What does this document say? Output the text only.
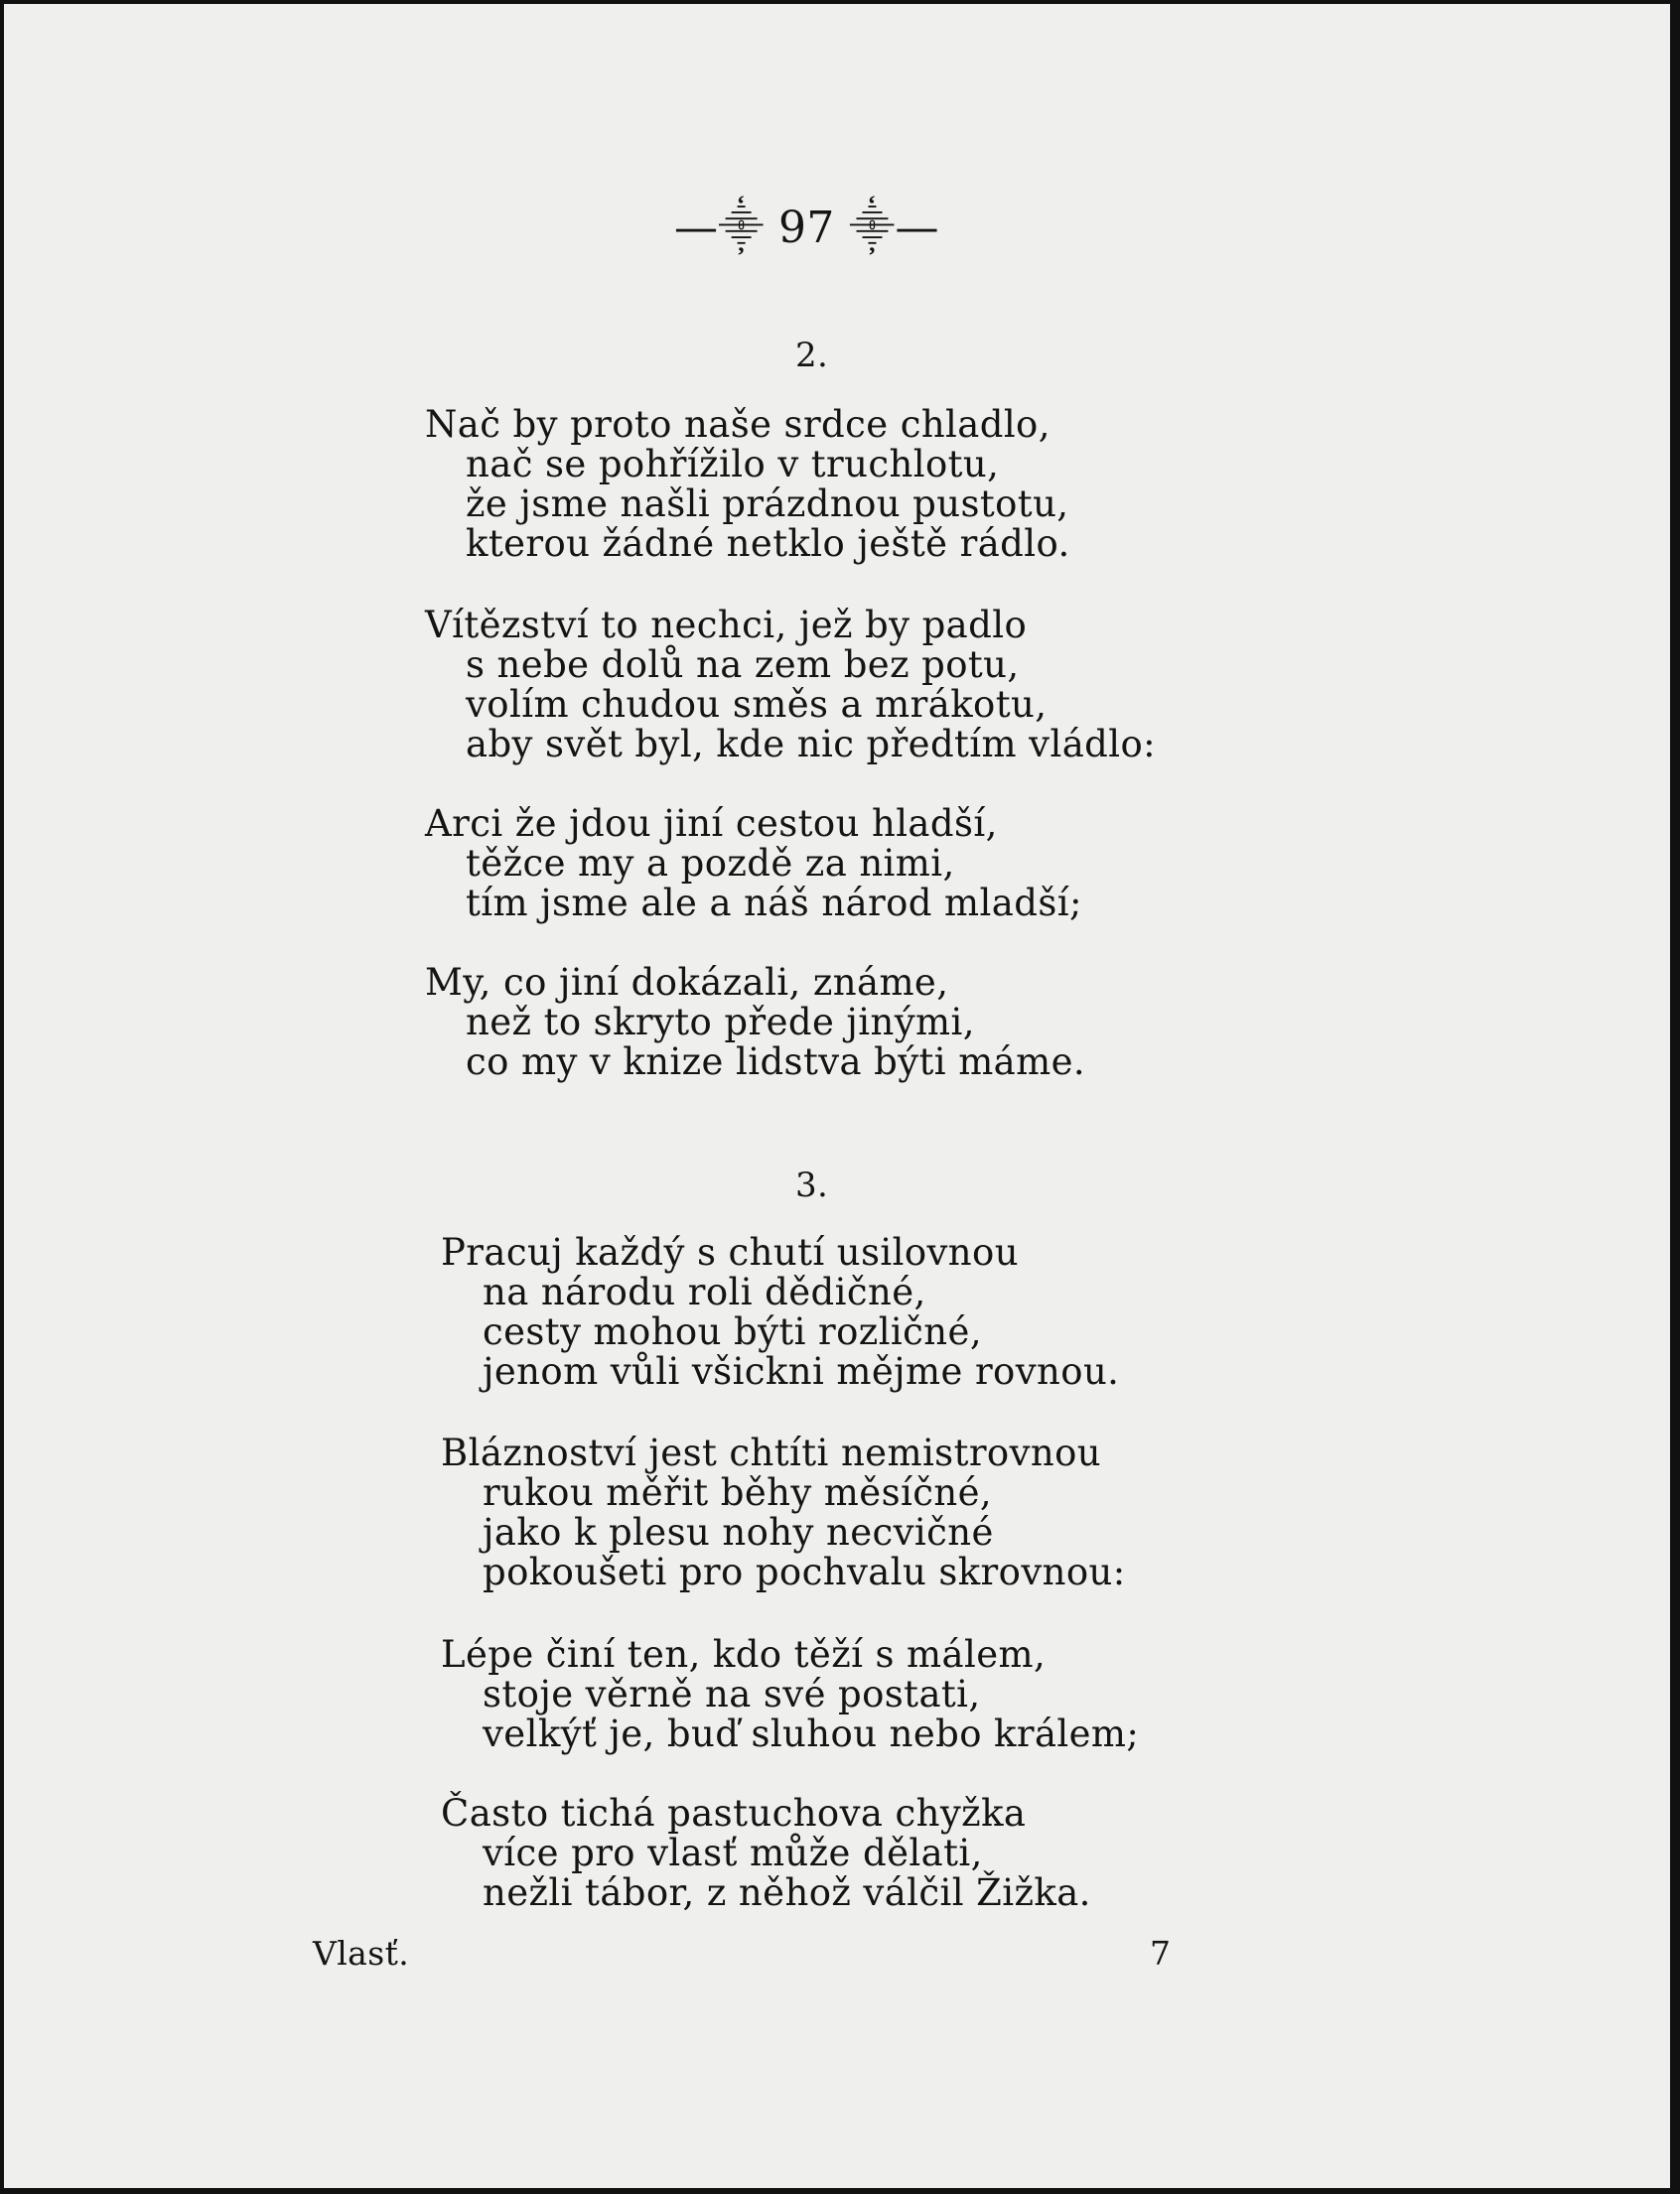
—⸎ 97 ⸎—
2.
Nač by proto naše srdce chladlo,
nač se pohřížilo v truchlotu,
že jsme našli prázdnou pustotu,
kterou žádné netklo ještě rádlo.
Vítězství to nechci, jež by padlo
s nebe dolů na zem bez potu,
volím chudou směs a mrákotu,
aby svět byl, kde nic předtím vládlo:
Arci že jdou jiní cestou hladší,
těžce my a pozdě za nimi,
tím jsme ale a náš národ mladší;
My, co jiní dokázali, známe,
než to skryto přede jinými,
co my v knize lidstva býti máme.
3.
Pracuj každý s chutí usilovnou
na národu roli dědičné,
cesty mohou býti rozličné,
jenom vůli všickni mějme rovnou.
Bláznoství jest chtíti nemistrovnou
rukou měřit běhy měsíčné,
jako k plesu nohy necvičné
pokoušeti pro pochvalu skrovnou:
Lépe činí ten, kdo těží s málem,
stoje věrně na své postati,
velkýť je, buď sluhou nebo králem;
Často tichá pastuchova chyžka
více pro vlasť může dělati,
nežli tábor, z něhož válčil Žižka.
Vlasť.	7
